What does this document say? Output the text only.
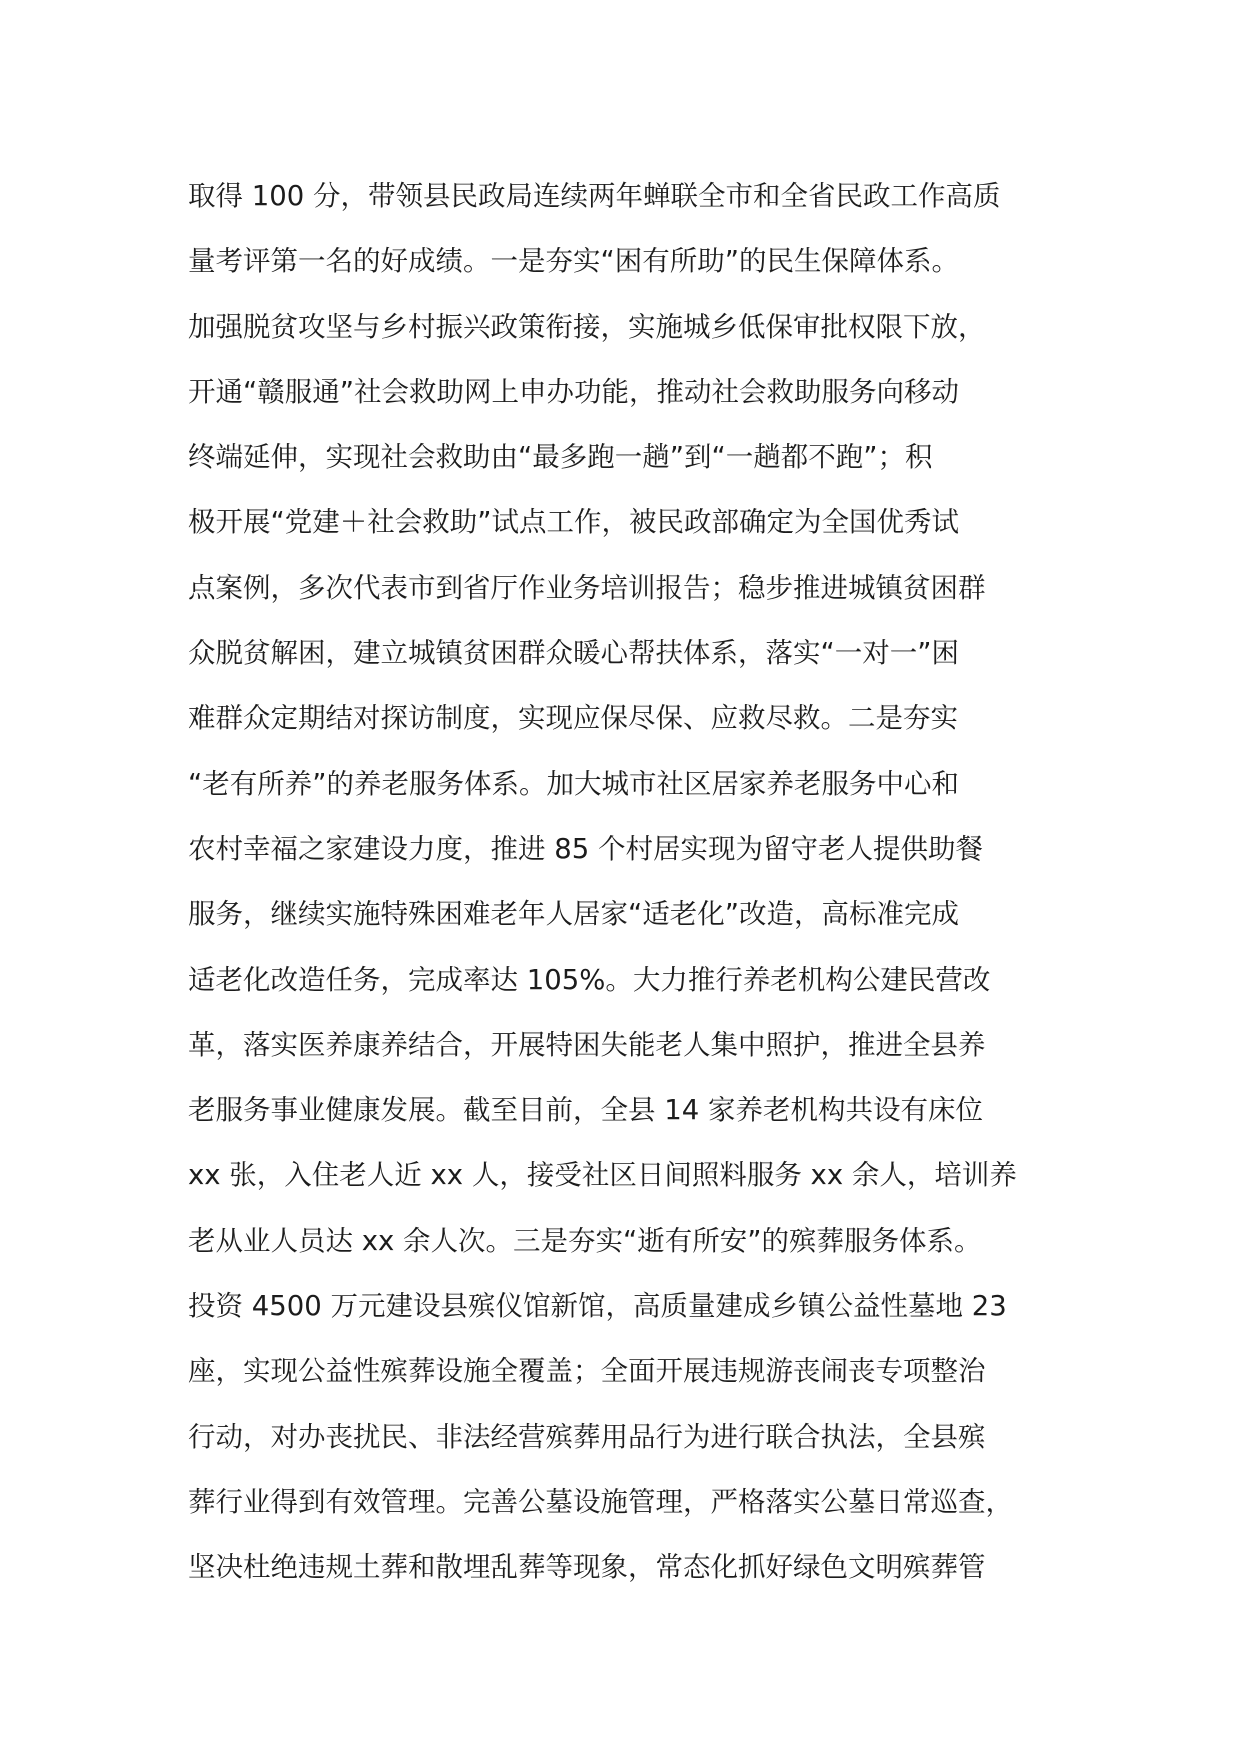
取得 100 分，带领县民政局连续两年蝉联全市和全省民政工作高质
量考评第一名的好成绩。一是夯实“困有所助”的民生保障体系。
加强脱贫攻坚与乡村振兴政策衔接，实施城乡低保审批权限下放，
开通“赣服通”社会救助网上申办功能，推动社会救助服务向移动
终端延伸，实现社会救助由“最多跑一趟”到“一趟都不跑”；积
极开展“党建＋社会救助”试点工作，被民政部确定为全国优秀试
点案例，多次代表市到省厅作业务培训报告；稳步推进城镇贫困群
众脱贫解困，建立城镇贫困群众暖心帮扶体系，落实“一对一”困
难群众定期结对探访制度，实现应保尽保、应救尽救。二是夯实
“老有所养”的养老服务体系。加大城市社区居家养老服务中心和
农村幸福之家建设力度，推进 85 个村居实现为留守老人提供助餐
服务，继续实施特殊困难老年人居家“适老化”改造，高标准完成
适老化改造任务，完成率达 105%。大力推行养老机构公建民营改
革，落实医养康养结合，开展特困失能老人集中照护，推进全县养
老服务事业健康发展。截至目前，全县 14 家养老机构共设有床位
xx 张，入住老人近 xx 人，接受社区日间照料服务 xx 余人，培训养
老从业人员达 xx 余人次。三是夯实“逝有所安”的殡葬服务体系。
投资 4500 万元建设县殡仪馆新馆，高质量建成乡镇公益性墓地 23
座，实现公益性殡葬设施全覆盖；全面开展违规游丧闹丧专项整治
行动，对办丧扰民、非法经营殡葬用品行为进行联合执法，全县殡
葬行业得到有效管理。完善公墓设施管理，严格落实公墓日常巡查，
坚决杜绝违规土葬和散埋乱葬等现象，常态化抓好绿色文明殡葬管
